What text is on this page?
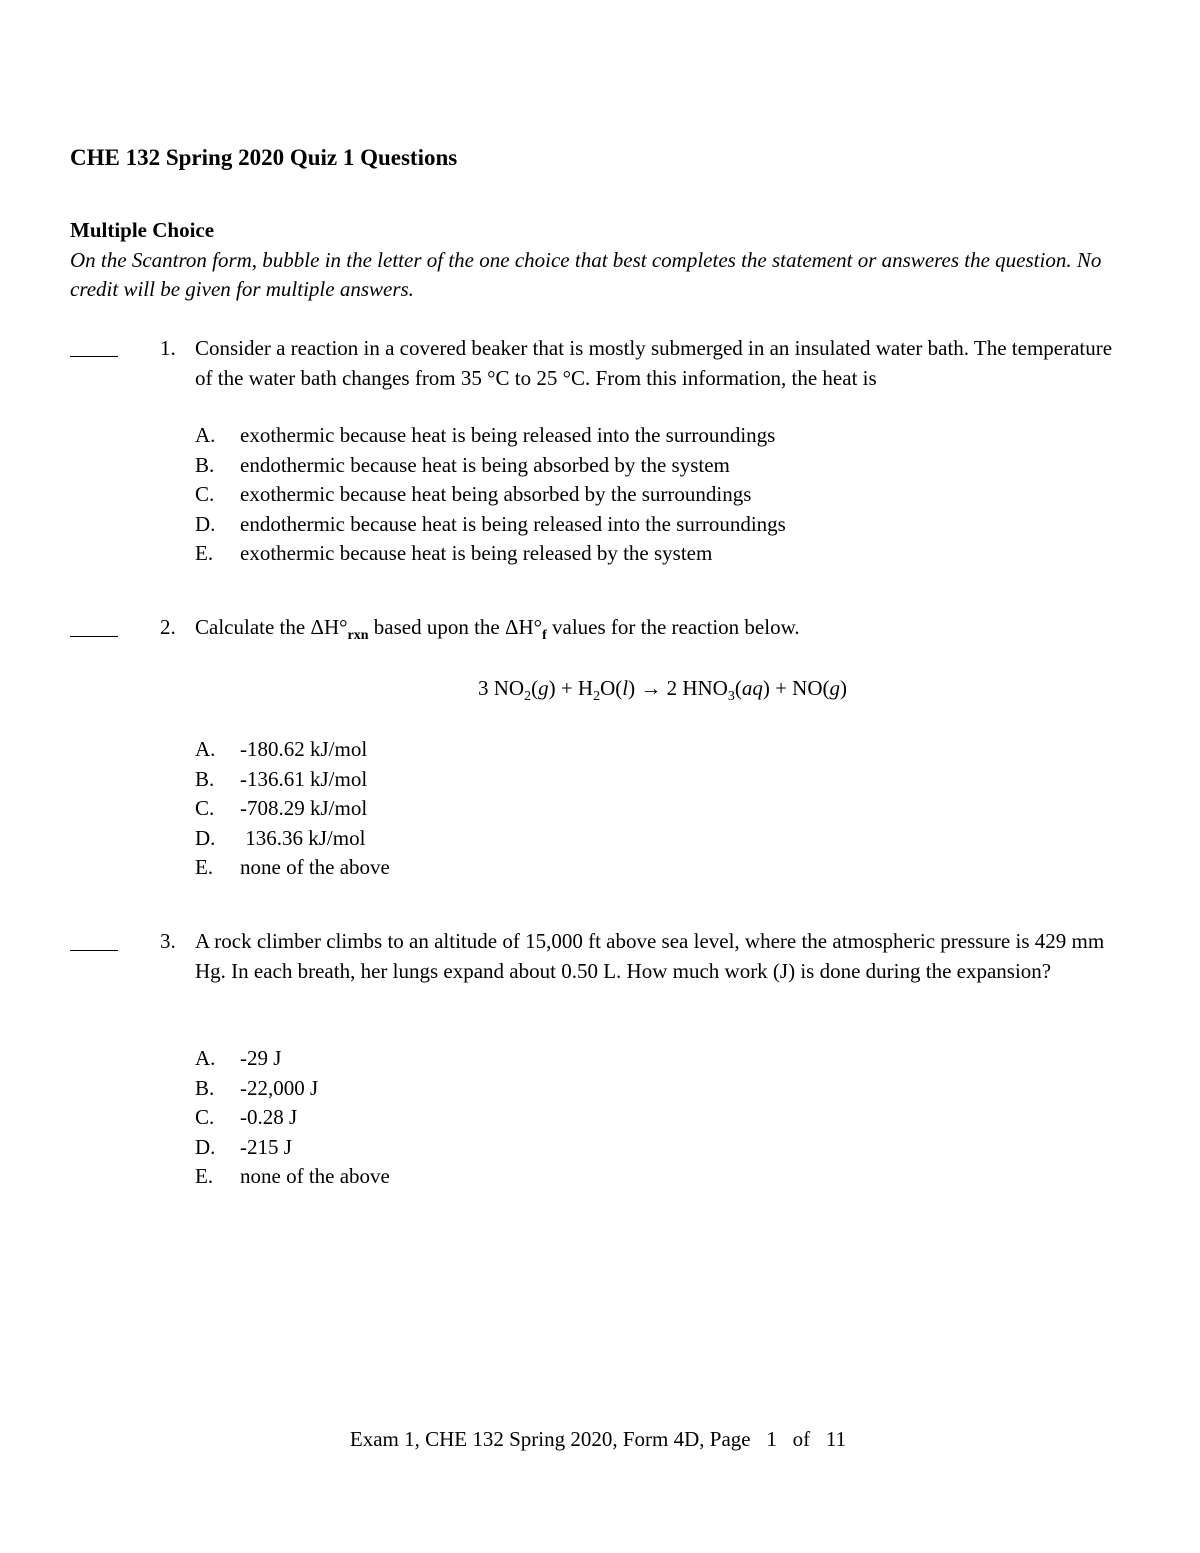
CHE 132 Spring 2020 Quiz 1 Questions
Multiple Choice
On the Scantron form, bubble in the letter of the one choice that best completes the statement or answeres the question. No credit will be given for multiple answers.
1. Consider a reaction in a covered beaker that is mostly submerged in an insulated water bath. The temperature of the water bath changes from 35 °C to 25 °C. From this information, the heat is
A. exothermic because heat is being released into the surroundings
B. endothermic because heat is being absorbed by the system
C. exothermic because heat being absorbed by the surroundings
D. endothermic because heat is being released into the surroundings
E. exothermic because heat is being released by the system
2. Calculate the $\Delta H^\circ_{rxn}$ based upon the $\Delta H^\circ_f$ values for the reaction below.
3 $NO_2(g) + H_2O(l) \to 2$ $HNO_3(aq) + NO(g)$
A. -180.62 kJ/mol
B. -136.61 kJ/mol
C. -708.29 kJ/mol
D. 136.36 kJ/mol
E. none of the above
3. A rock climber climbs to an altitude of 15,000 ft above sea level, where the atmospheric pressure is 429 mm Hg. In each breath, her lungs expand about 0.50 L. How much work (J) is done during the expansion?
A. -29 J
B. -22,000 J
C. -0.28 J
D. -215 J
E. none of the above
Exam 1, CHE 132 Spring 2020, Form 4D, Page   1   of   11
